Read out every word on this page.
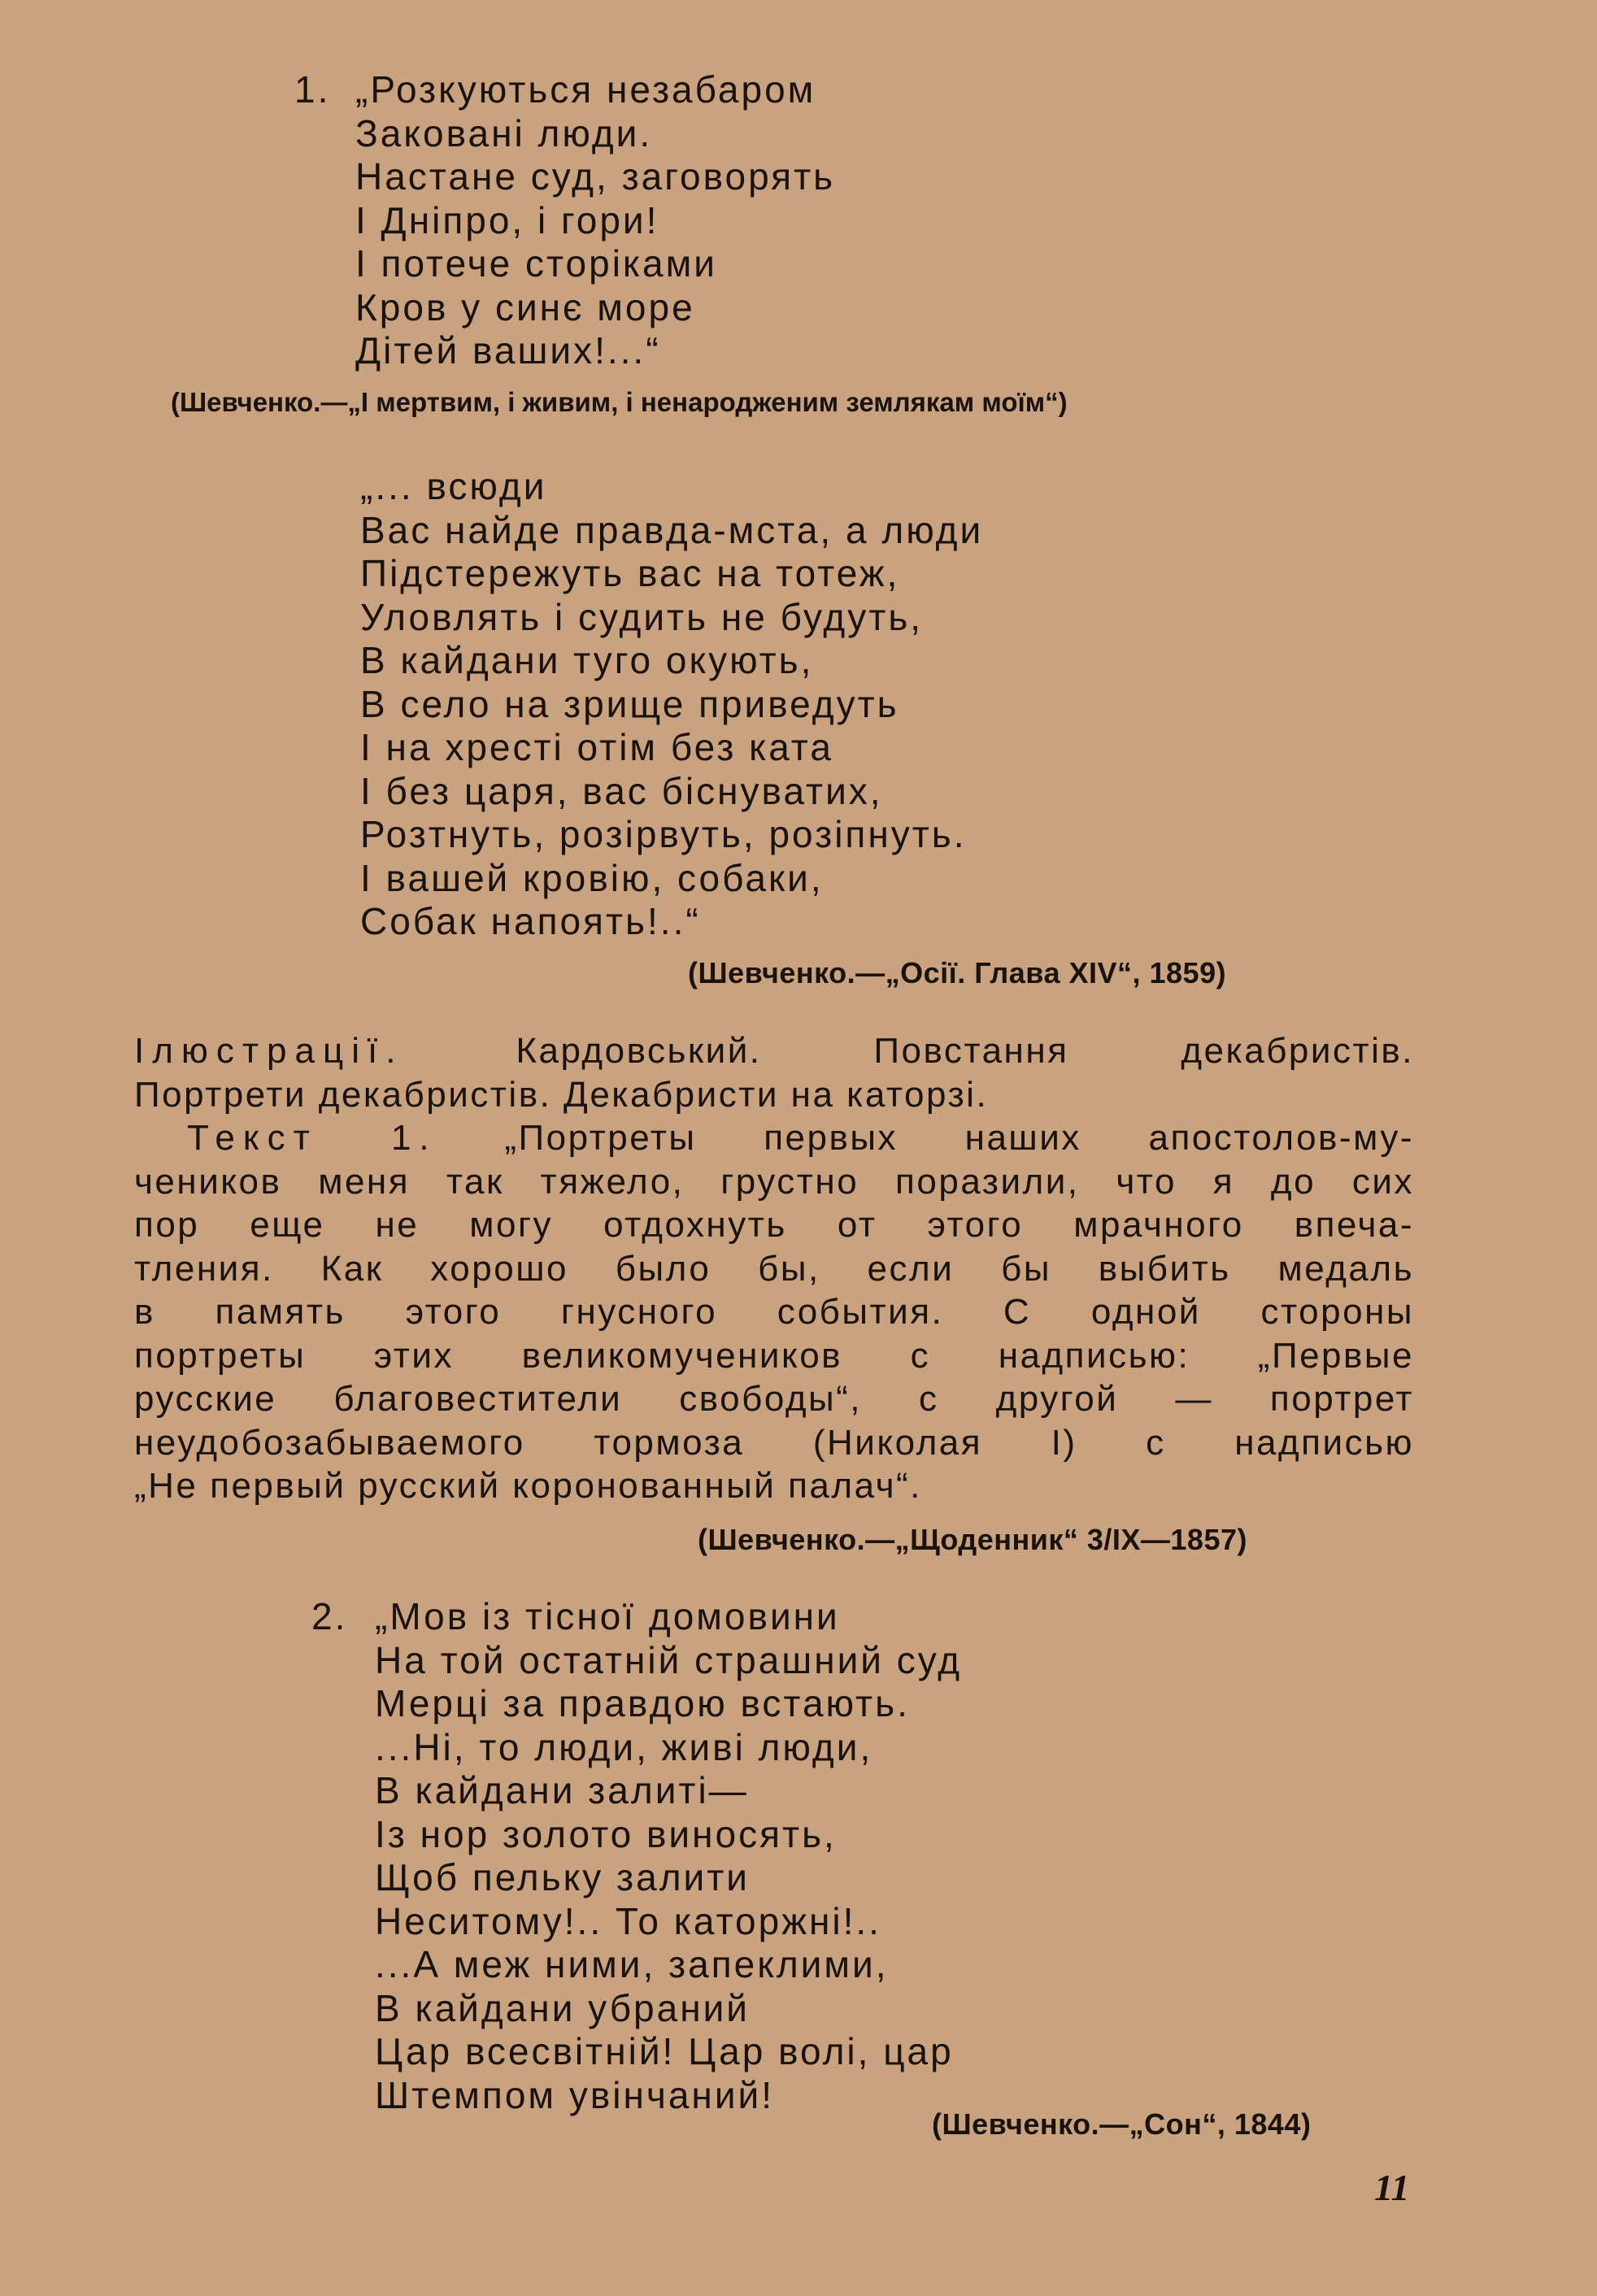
1. „Розкуються незабаром
Заковані люди.
Настане суд, заговорять
І Дніпро, і гори!
І потече сторіками
Кров у синє море
Дітей ваших!...“
(Шевченко.—„І мертвим, і живим, і ненародженим землякам моїм“)
„... всюди
Вас найде правда-мста, а люди
Підстережуть вас на тотеж,
Уловлять і судить не будуть,
В кайдани туго окують,
В село на зрище приведуть
І на хресті отім без ката
І без царя, вас біснуватих,
Розтнуть, розірвуть, розіпнуть.
І вашей кровію, собаки,
Собак напоять!..“
(Шевченко.—„Осії. Глава XIV“, 1859)
Ілюстрації.	Кардовський. Повстання декабристів.
Портрети декабристів. Декабристи на каторзі.
Текст 1. „Портреты первых наших апостолов-му-
чеников меня так тяжело, грустно поразили, что я до сих
пор еще не могу отдохнуть от этого мрачного впеча-
тления. Как хорошо было бы, если бы выбить медаль
в память этого гнусного события. С одной стороны
портреты этих великомучеников с надписью: „Первые
русские благовестители свободы“, с другой — портрет
неудобозабываемого тормоза (Николая I) с надписью
„Не первый русский коронованный палач“.
(Шевченко.—„Щоденник“ 3/IX—1857)
2. „Мов із тісної домовини
На той остатній страшний суд
Мерці за правдою встають.
...Ні, то люди, живі люди,
В кайдани залиті—
Із нор золото виносять,
Щоб пельку залити
Неситому!.. То каторжні!..
...А меж ними, запеклими,
В кайдани убраний
Цар всесвітній! Цар волі, цар
Штемпом увінчаний!
(Шевченко.—„Сон“, 1844)
11
